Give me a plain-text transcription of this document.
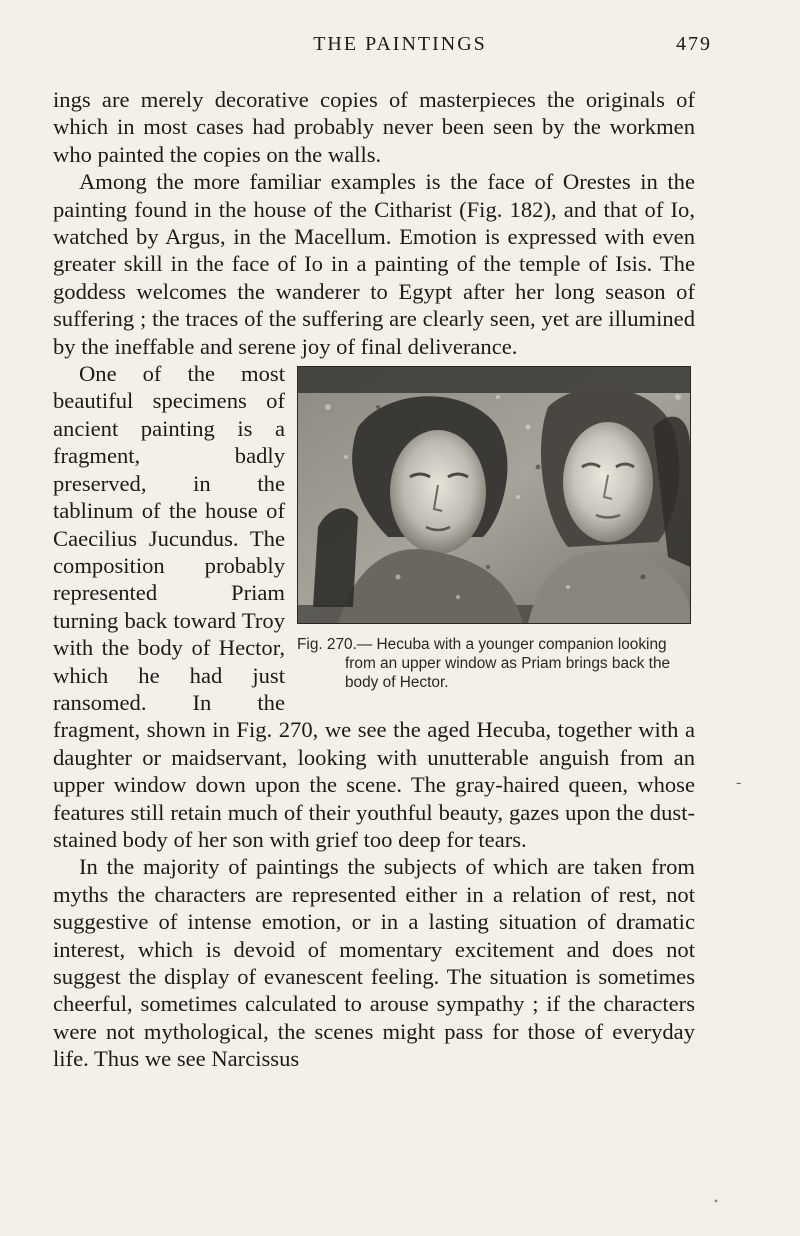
THE PAINTINGS	479

ings are merely decorative copies of masterpieces the originals of which in most cases had probably never been seen by the workmen who painted the copies on the walls.

Among the more familiar examples is the face of Orestes in the painting found in the house of the Citharist (Fig. 182), and that of Io, watched by Argus, in the Macellum. Emotion is expressed with even greater skill in the face of Io in a painting of the temple of Isis. The goddess welcomes the wanderer to Egypt after her long season of suffering ; the traces of the suffering are clearly seen, yet are illumined by the ineffable and serene joy of final deliverance.

Fig. 270.— Hecuba with a younger companion looking from an upper window as Priam brings back the body of Hector.
One of the most beautiful specimens of ancient painting is a fragment, badly preserved, in the tablinum of the house of Caecilius Jucundus. The composition probably represented Priam turning back toward Troy with the body of Hector, which he had just ransomed. In the fragment, shown in Fig. 270, we see the aged Hecuba, together with a daughter or maidservant, looking with unutterable anguish from an upper window down upon the scene. The gray-haired queen, whose features still retain much of their youthful beauty, gazes upon the dust-stained body of her son with grief too deep for tears.

In the majority of paintings the subjects of which are taken from myths the characters are represented either in a relation of rest, not suggestive of intense emotion, or in a lasting situation of dramatic interest, which is devoid of momentary excitement and does not suggest the display of evanescent feeling. The situation is sometimes cheerful, sometimes calculated to arouse sympathy ; if the characters were not mythological, the scenes might pass for those of everyday life. Thus we see Narcissus

-
•
